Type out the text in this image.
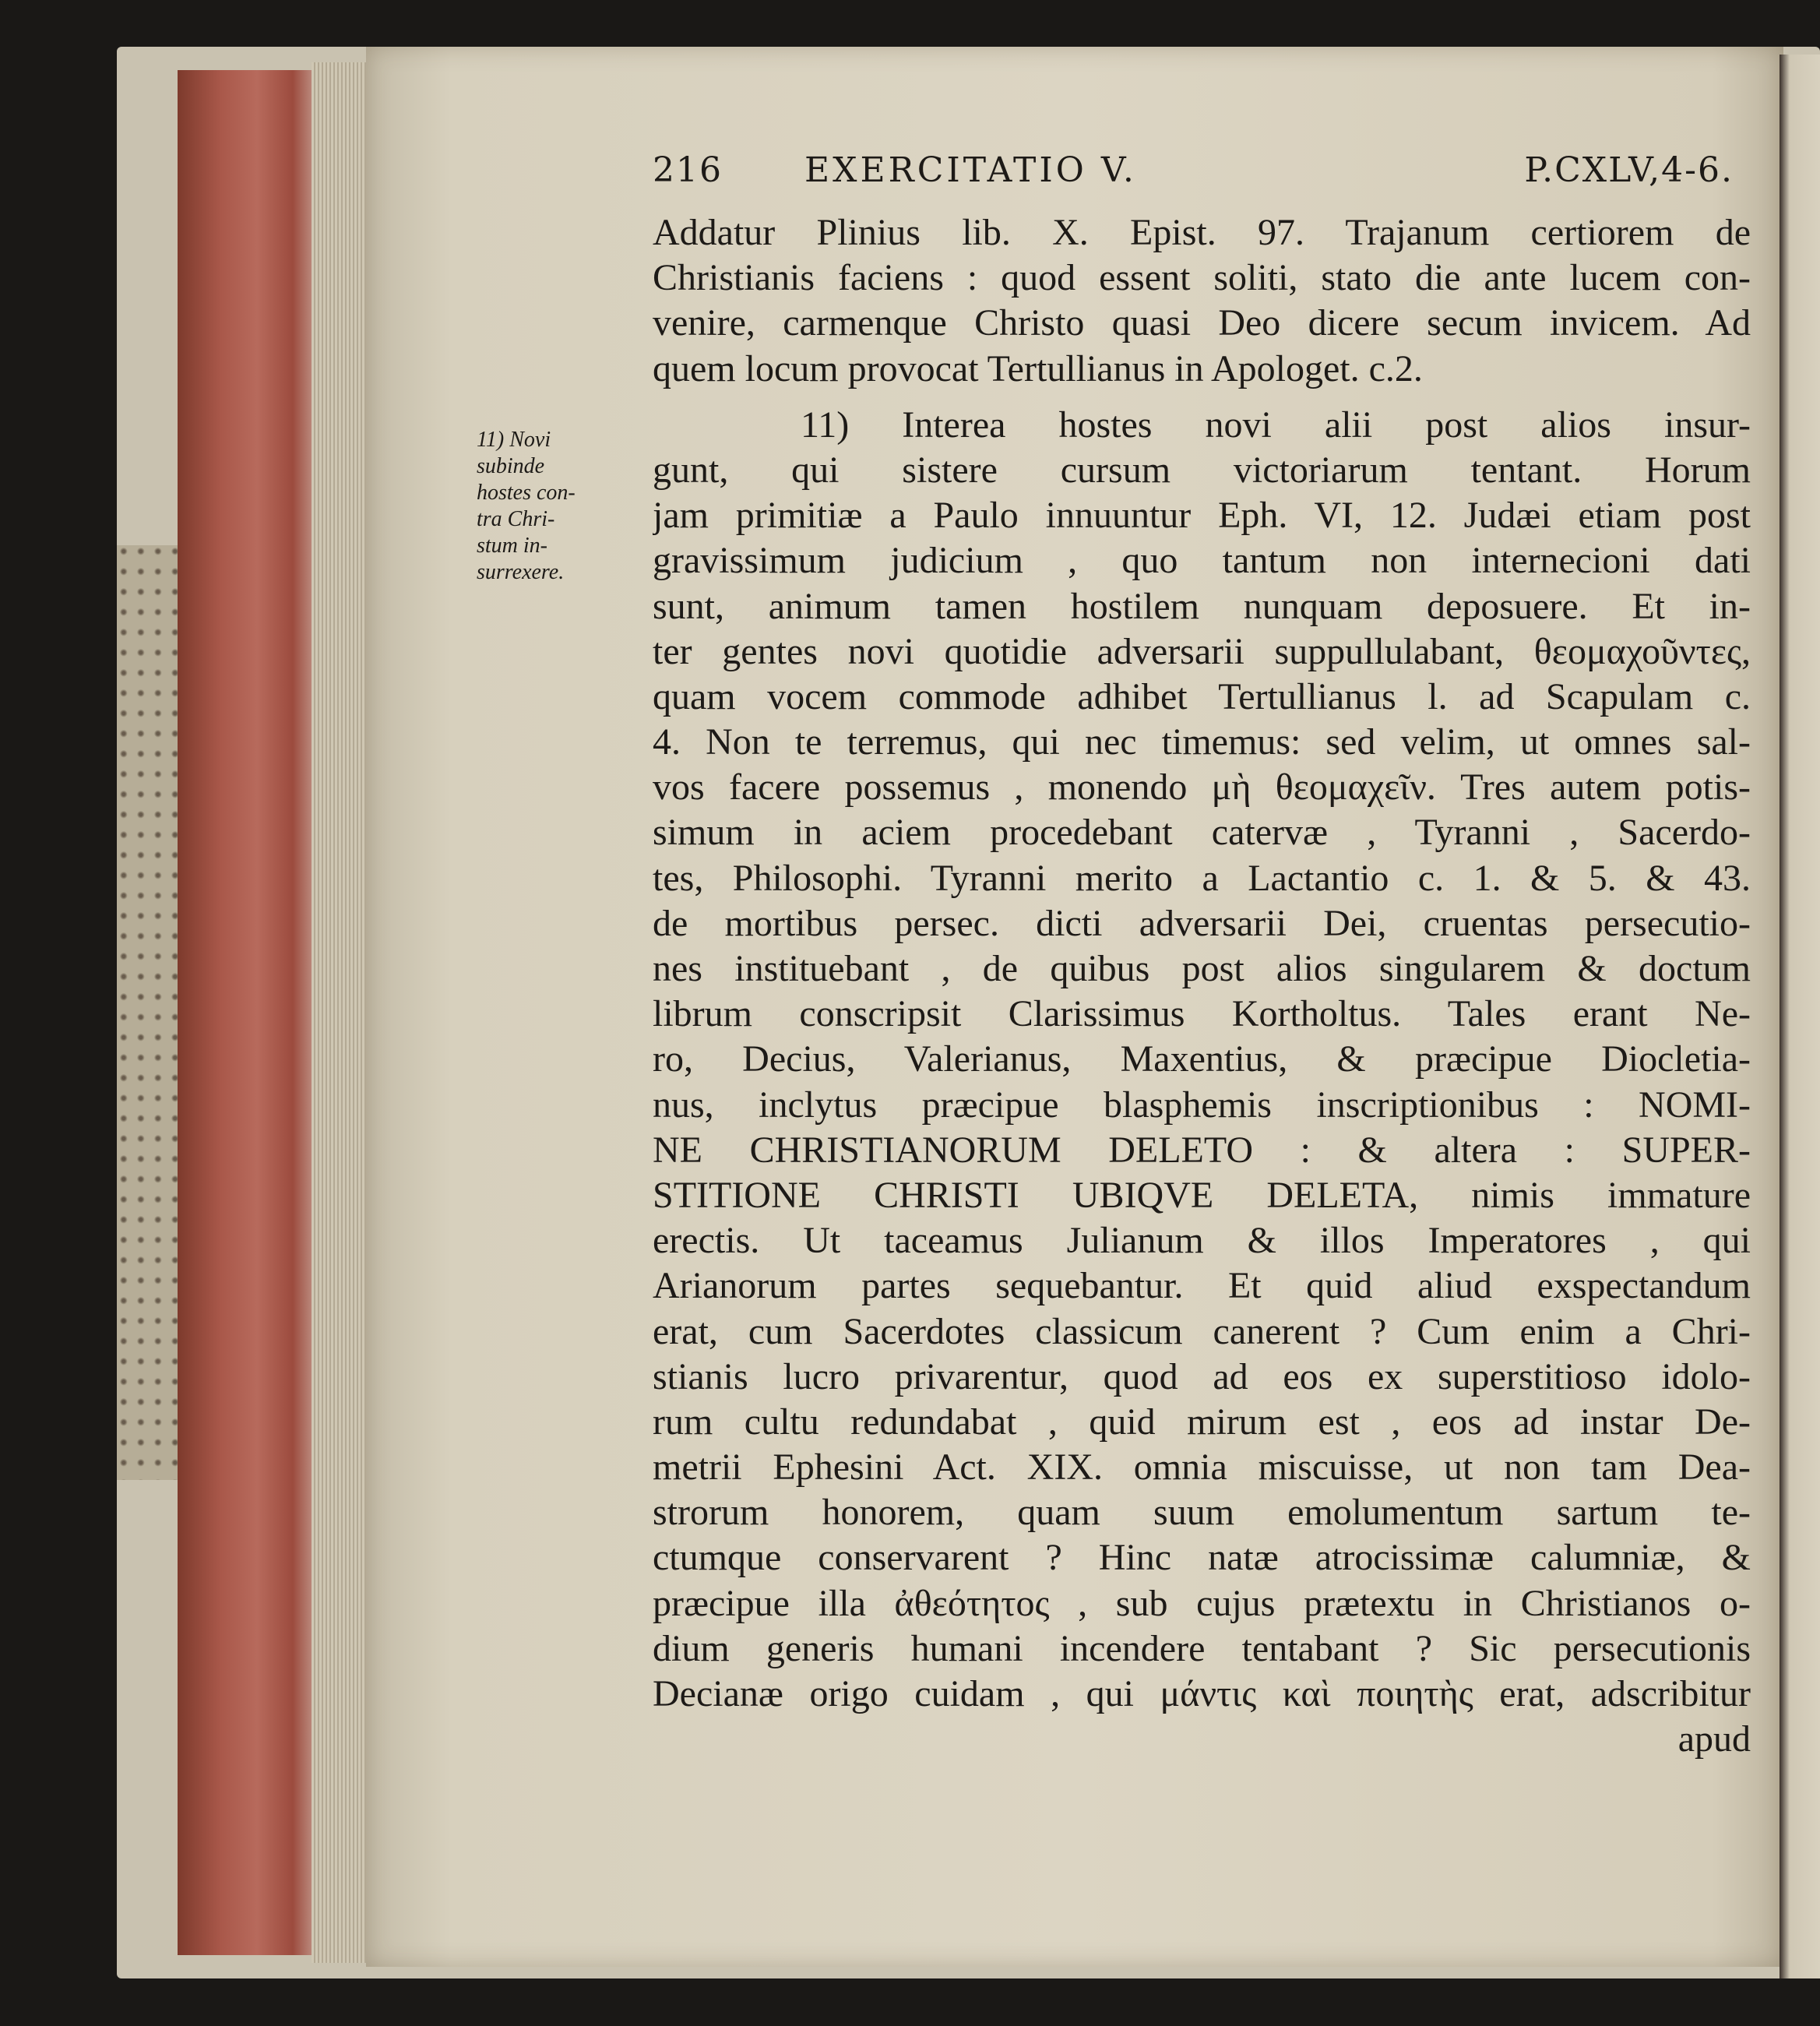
216 EXERCITATIO V.	P.CXLV,4-6.
11) Novi
subinde
hostes con-
tra Chri-
stum in-
surrexere.
Addatur Plinius lib. X. Epist. 97. Trajanum certiorem de
Christianis faciens : quod essent soliti, stato die ante lucem con-
venire, carmenque Christo quasi Deo dicere secum invicem. Ad
quem locum provocat Tertullianus in Apologet. c.2.
11) Interea hostes novi alii post alios insur-
gunt, qui sistere cursum victoriarum tentant. Horum
jam primitiæ a Paulo innuuntur Eph. VI, 12. Judæi etiam post
gravissimum judicium , quo tantum non internecioni dati
sunt, animum tamen hostilem nunquam deposuere. Et in-
ter gentes novi quotidie adversarii suppullulabant, θεομαχοῦντες,
quam vocem commode adhibet Tertullianus l. ad Scapulam c.
4. Non te terremus, qui nec timemus: sed velim, ut omnes sal-
vos facere possemus , monendo μὴ θεομαχεῖν. Tres autem potis-
simum in aciem procedebant catervæ , Tyranni , Sacerdo-
tes, Philosophi. Tyranni merito a Lactantio c. 1. & 5. & 43.
de mortibus persec. dicti adversarii Dei, cruentas persecutio-
nes instituebant , de quibus post alios singularem & doctum
librum conscripsit Clarissimus Kortholtus. Tales erant Ne-
ro, Decius, Valerianus, Maxentius, & præcipue Diocletia-
nus, inclytus præcipue blasphemis inscriptionibus : NOMI-
NE CHRISTIANORUM DELETO : & altera : SUPER-
STITIONE CHRISTI UBIQVE DELETA, nimis immature
erectis. Ut taceamus Julianum & illos Imperatores , qui
Arianorum partes sequebantur. Et quid aliud exspectandum
erat, cum Sacerdotes classicum canerent ? Cum enim a Chri-
stianis lucro privarentur, quod ad eos ex superstitioso idolo-
rum cultu redundabat , quid mirum est , eos ad instar De-
metrii Ephesini Act. XIX. omnia miscuisse, ut non tam Dea-
strorum honorem, quam suum emolumentum sartum te-
ctumque conservarent ? Hinc natæ atrocissimæ calumniæ, &
præcipue illa ἀθεότητος , sub cujus prætextu in Christianos o-
dium generis humani incendere tentabant ? Sic persecutionis
Decianæ origo cuidam , qui μάντις καὶ ποιητὴς erat, adscribitur
apud
